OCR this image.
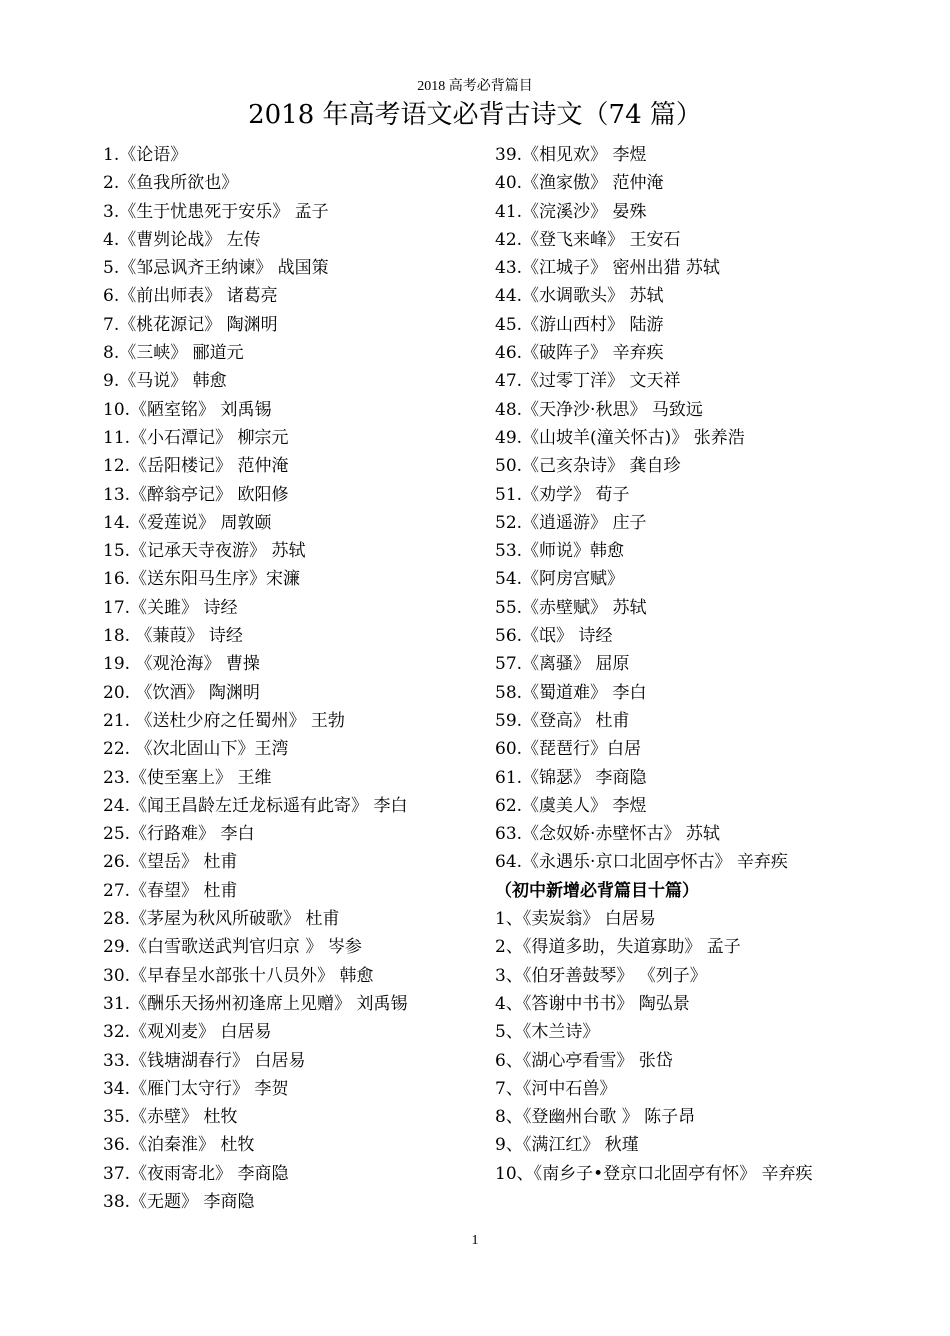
2018 高考必背篇目
2018 年高考语文必背古诗文（74 篇）
1.《论语》
2.《鱼我所欲也》
3.《生于忧患死于安乐》 孟子
4.《曹刿论战》 左传
5.《邹忌讽齐王纳谏》 战国策
6.《前出师表》 诸葛亮
7.《桃花源记》 陶渊明
8.《三峡》 郦道元
9.《马说》 韩愈
10.《陋室铭》 刘禹锡
11.《小石潭记》 柳宗元
12.《岳阳楼记》 范仲淹
13.《醉翁亭记》 欧阳修
14.《爱莲说》 周敦颐
15.《记承天寺夜游》 苏轼
16.《送东阳马生序》宋濂
17.《关雎》 诗经
18. 《蒹葭》 诗经
19. 《观沧海》 曹操
20. 《饮酒》 陶渊明
21. 《送杜少府之任蜀州》 王勃
22. 《次北固山下》王湾
23.《使至塞上》 王维
24.《闻王昌龄左迁龙标遥有此寄》 李白
25.《行路难》 李白
26.《望岳》 杜甫
27.《春望》 杜甫
28.《茅屋为秋风所破歌》 杜甫
29.《白雪歌送武判官归京 》 岑参
30.《早春呈水部张十八员外》 韩愈
31.《酬乐天扬州初逢席上见赠》 刘禹锡
32.《观刈麦》 白居易
33.《钱塘湖春行》 白居易
34.《雁门太守行》 李贺
35.《赤壁》 杜牧
36.《泊秦淮》 杜牧
37.《夜雨寄北》 李商隐
38.《无题》 李商隐
39.《相见欢》 李煜
40.《渔家傲》 范仲淹
41.《浣溪沙》 晏殊
42.《登飞来峰》 王安石
43.《江城子》 密州出猎 苏轼
44.《水调歌头》 苏轼
45.《游山西村》 陆游
46.《破阵子》 辛弃疾
47.《过零丁洋》 文天祥
48.《天净沙·秋思》 马致远
49.《山坡羊(潼关怀古)》 张养浩
50.《己亥杂诗》 龚自珍
51.《劝学》 荀子
52.《逍遥游》 庄子
53.《师说》韩愈
54.《阿房宫赋》
55.《赤壁赋》 苏轼
56.《氓》 诗经
57.《离骚》 屈原
58.《蜀道难》 李白
59.《登高》 杜甫
60.《琵琶行》白居
61.《锦瑟》 李商隐
62.《虞美人》 李煜
63.《念奴娇·赤壁怀古》 苏轼
64.《永遇乐·京口北固亭怀古》 辛弃疾
（初中新增必背篇目十篇）
1、《卖炭翁》 白居易
2、《得道多助，失道寡助》 孟子
3、《伯牙善鼓琴》 《列子》
4、《答谢中书书》 陶弘景
5、《木兰诗》
6、《湖心亭看雪》 张岱
7、《河中石兽》
8、《登幽州台歌 》 陈子昂
9、《满江红》 秋瑾
10、《南乡子•登京口北固亭有怀》 辛弃疾
1
